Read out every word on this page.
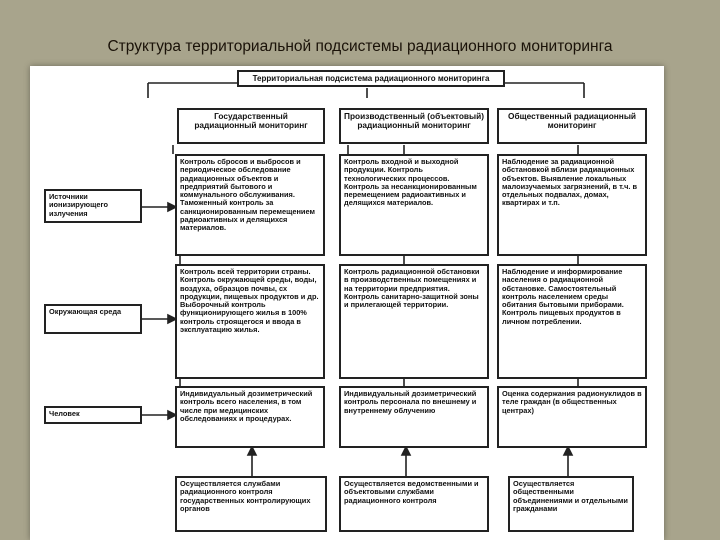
Структура территориальной подсистемы радиационного мониторинга
Территориальная подсистема радиационного мониторинга
Государственный радиационный мониторинг
Производственный (объектовый) радиационный мониторинг
Общественный радиационный мониторинг
Источники ионизирующего излучения
Окружающая среда
Человек
Контроль сбросов и выбросов и периодическое обследование радиационных объектов и предприятий бытового и коммунального обслуживания. Таможенный контроль за санкционированным перемещением радиоактивных и делящихся материалов.
Контроль входной и выходной продукции. Контроль технологических процессов. Контроль за несанкционированным перемещением радиоактивных и делящихся материалов.
Наблюдение за радиационной обстановкой вблизи радиационных объектов. Выявление локальных малоизучаемых загрязнений, в т.ч. в отдельных подвалах, домах, квартирах и т.п.
Контроль всей территории страны. Контроль окружающей среды, воды, воздуха, образцов почвы, сх продукции, пищевых продуктов и др. Выборочный контроль функционирующего жилья в 100% контроль строящегося и ввода в эксплуатацию жилья.
Контроль радиационной обстановки в производственных помещениях и на территории предприятия. Контроль санитарно-защитной зоны и прилегающей территории.
Наблюдение и информирование населения о радиационной обстановке. Самостоятельный контроль населением среды обитания бытовыми приборами. Контроль пищевых продуктов в личном потреблении.
Индивидуальный дозиметрический контроль всего населения, в том числе при медицинских обследованиях и процедурах.
Индивидуальный дозиметрический контроль персонала по внешнему и внутреннему облучению
Оценка содержания радионуклидов в теле граждан (в общественных центрах)
Осуществляется службами радиационного контроля государственных контролирующих органов
Осуществляется ведомственными и объектовыми службами радиационного контроля
Осуществляется общественными объединениями и отдельными гражданами
